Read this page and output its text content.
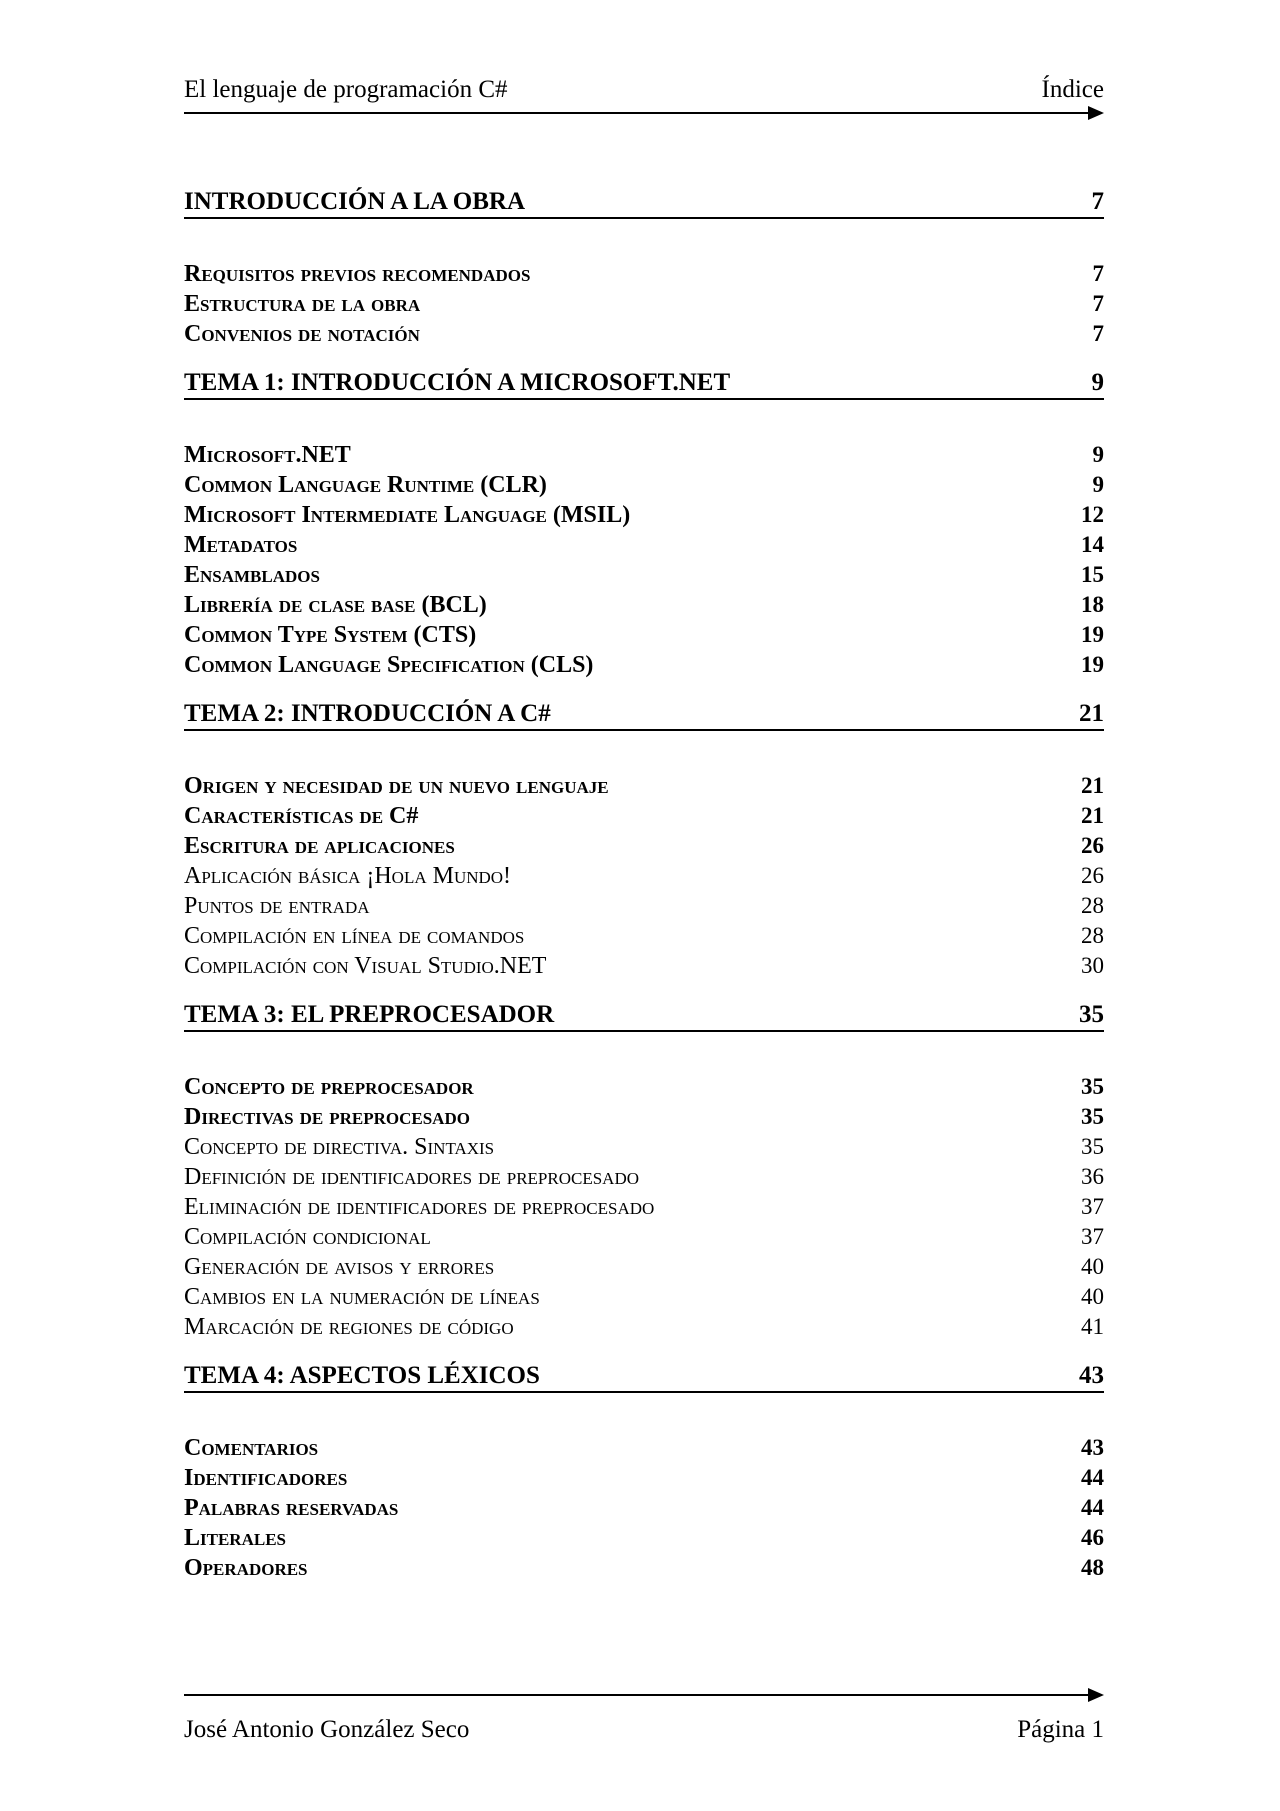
El lenguaje de programación C#	Índice
INTRODUCCIÓN A LA OBRA	7
Requisitos previos recomendados	7
Estructura de la obra	7
Convenios de notación	7
TEMA 1: INTRODUCCIÓN A MICROSOFT.NET	9
Microsoft.NET	9
Common Language Runtime (CLR)	9
Microsoft Intermediate Language (MSIL)	12
Metadatos	14
Ensamblados	15
Librería de clase base (BCL)	18
Common Type System (CTS)	19
Common Language Specification (CLS)	19
TEMA 2: INTRODUCCIÓN A C#	21
Origen y necesidad de un nuevo lenguaje	21
Características de C#	21
Escritura de aplicaciones	26
Aplicación básica ¡Hola Mundo!	26
Puntos de entrada	28
Compilación en línea de comandos	28
Compilación con Visual Studio.NET	30
TEMA 3: EL PREPROCESADOR	35
Concepto de preprocesador	35
Directivas de preprocesado	35
Concepto de directiva. Sintaxis	35
Definición de identificadores de preprocesado	36
Eliminación de identificadores de preprocesado	37
Compilación condicional	37
Generación de avisos y errores	40
Cambios en la numeración de líneas	40
Marcación de regiones de código	41
TEMA 4: ASPECTOS LÉXICOS	43
Comentarios	43
Identificadores	44
Palabras reservadas	44
Literales	46
Operadores	48
José Antonio González Seco	Página 1
